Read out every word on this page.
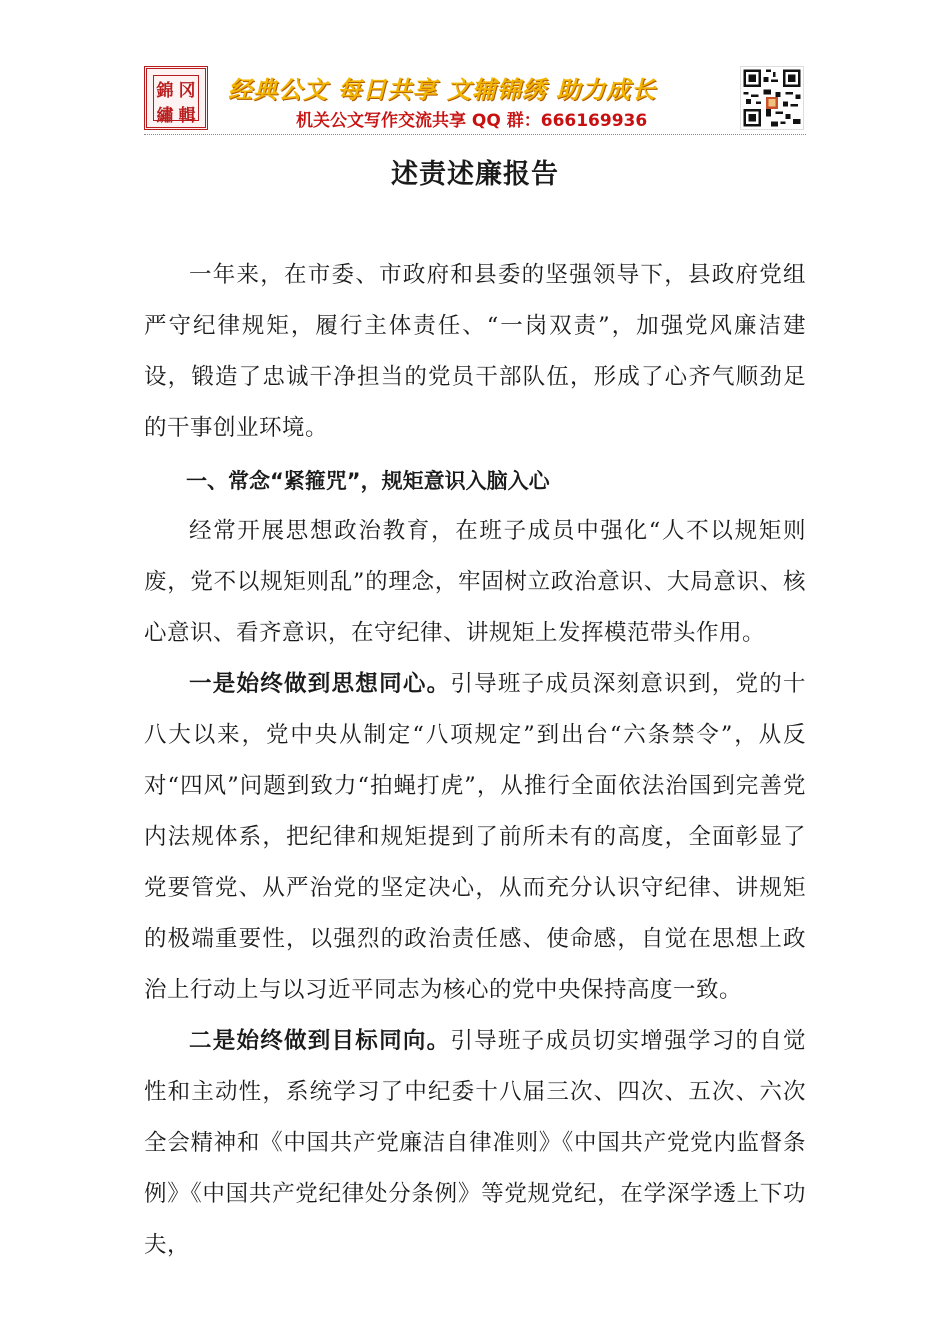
錦 冈
繡 輯
经典公文 每日共享 文辅锦绣 助力成长
机关公文写作交流共享 QQ 群：666169936
述责述廉报告

一年来，在市委、市政府和县委的坚强领导下，县政府党组严守纪律规矩，履行主体责任、“一岗双责”，加强党风廉洁建设，锻造了忠诚干净担当的党员干部队伍，形成了心齐气顺劲足的干事创业环境。

一、常念“紧箍咒”，规矩意识入脑入心

经常开展思想政治教育，在班子成员中强化“人不以规矩则废，党不以规矩则乱”的理念，牢固树立政治意识、大局意识、核心意识、看齐意识，在守纪律、讲规矩上发挥模范带头作用。

一是始终做到思想同心。引导班子成员深刻意识到，党的十八大以来，党中央从制定“八项规定”到出台“六条禁令”，从反对“四风”问题到致力“拍蝇打虎”，从推行全面依法治国到完善党内法规体系，把纪律和规矩提到了前所未有的高度，全面彰显了党要管党、从严治党的坚定决心，从而充分认识守纪律、讲规矩的极端重要性，以强烈的政治责任感、使命感，自觉在思想上政治上行动上与以习近平同志为核心的党中央保持高度一致。

二是始终做到目标同向。引导班子成员切实增强学习的自觉性和主动性，系统学习了中纪委十八届三次、四次、五次、六次全会精神和《中国共产党廉洁自律准则》《中国共产党党内监督条例》《中国共产党纪律处分条例》等党规党纪，在学深学透上下功夫，
